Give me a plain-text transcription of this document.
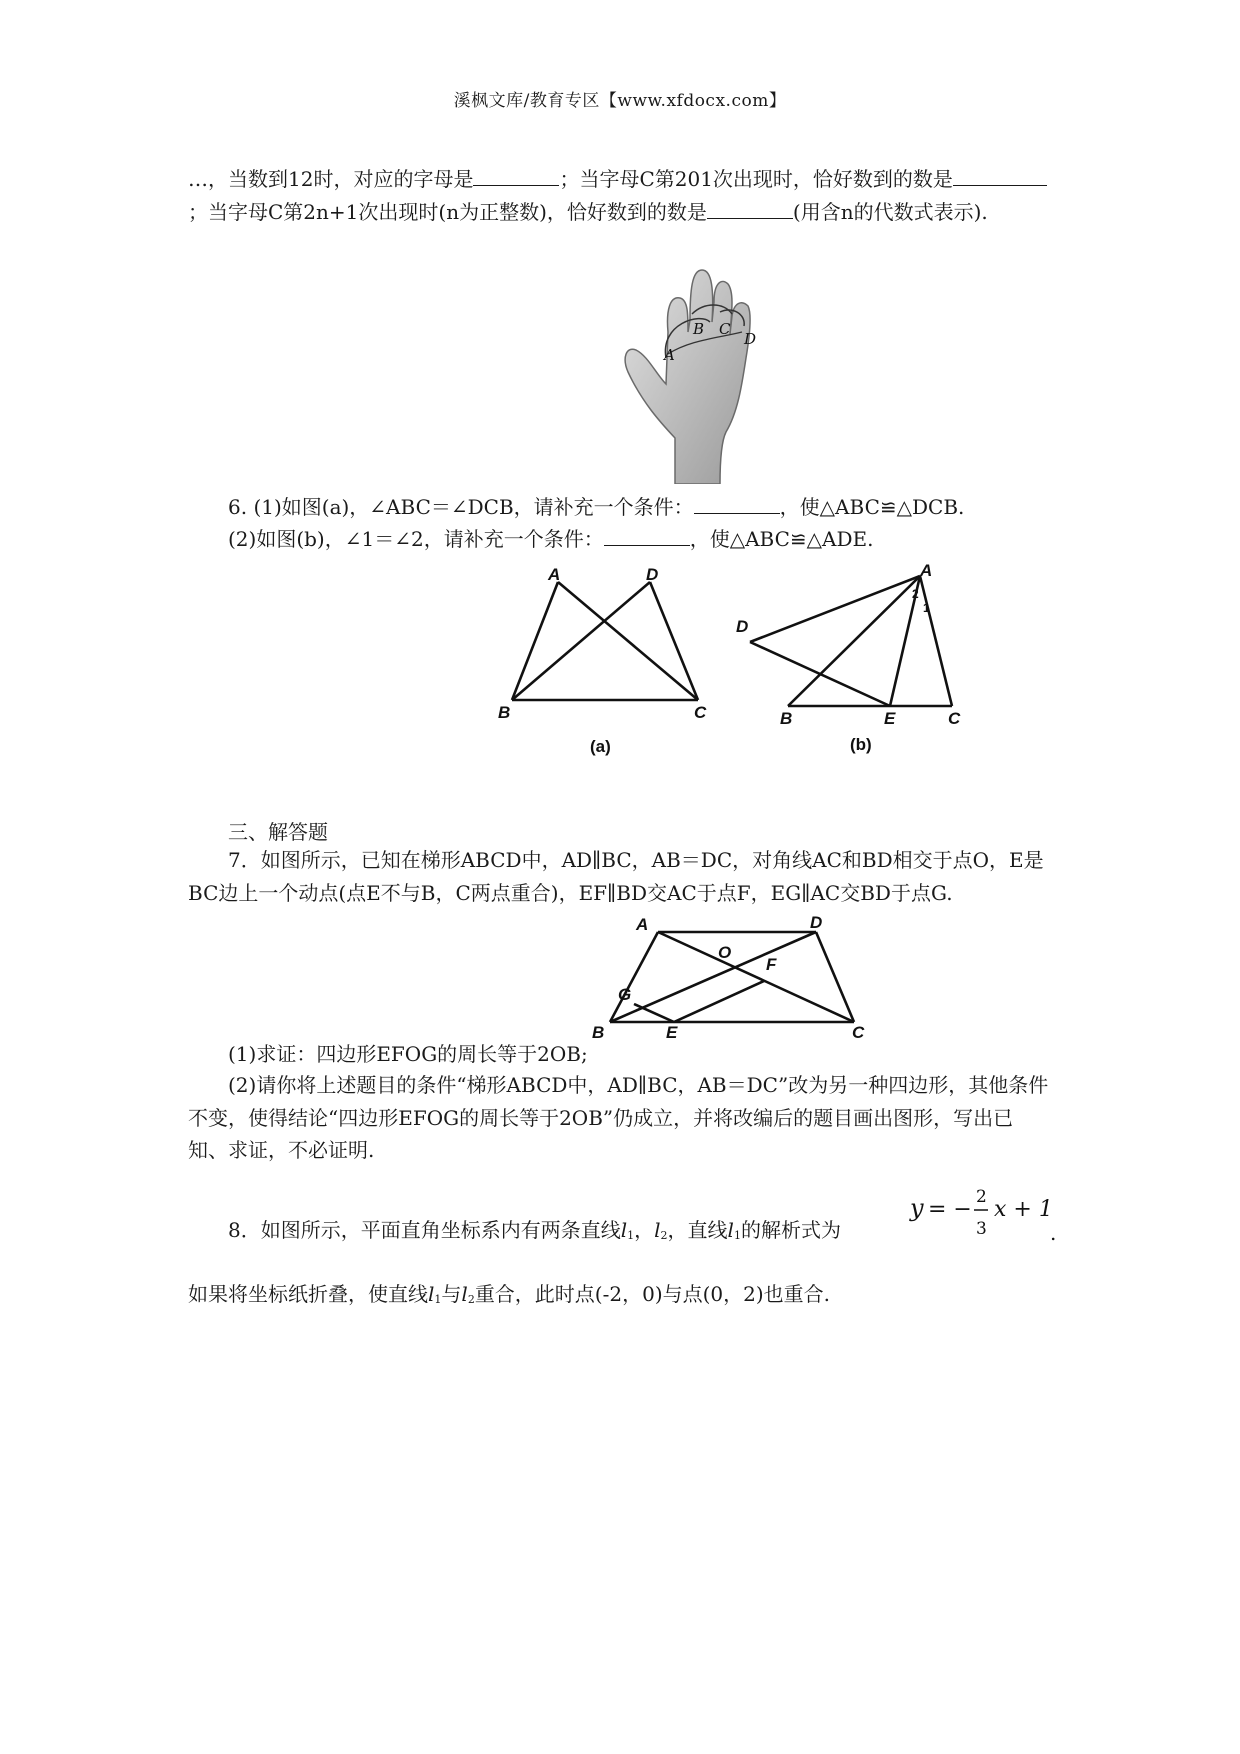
溪枫文库/教育专区【www.xfdocx.com】
…，当数到12时，对应的字母是	；当字母C第201次出现时，恰好数到的数是；当字母C第2n+1次出现时(n为正整数)，恰好数到的数是	(用含n的代数式表示).
A
B C
D
6. (1)如图(a)，∠ABC＝∠DCB，请补充一个条件：	，使△ABC≌△DCB.
(2)如图(b)，∠1＝∠2，请补充一个条件：	，使△ABC≌△ADE.
A	D
B	C
(a)
A
D
B	E	C
2
1
(b)
三、解答题
7．如图所示，已知在梯形ABCD中，AD∥BC，AB＝DC，对角线AC和BD相交于点O，E是BC边上一个动点(点E不与B，C两点重合)，EF∥BD交AC于点F，EG∥AC交BD于点G.
A	D
O
F
G
B	E	C
(1)求证：四边形EFOG的周长等于2OB;
(2)请你将上述题目的条件“梯形ABCD中，AD∥BC，AB＝DC”改为另一种四边形，其他条件不变，使得结论“四边形EFOG的周长等于2OB”仍成立，并将改编后的题目画出图形，写出已知、求证，不必证明.
8．如图所示，平面直角坐标系内有两条直线l1，l2，直线l1的解析式为
y = − 2
3
x + 1
.
如果将坐标纸折叠，使直线l1与l2重合，此时点(-2，0)与点(0，2)也重合.
